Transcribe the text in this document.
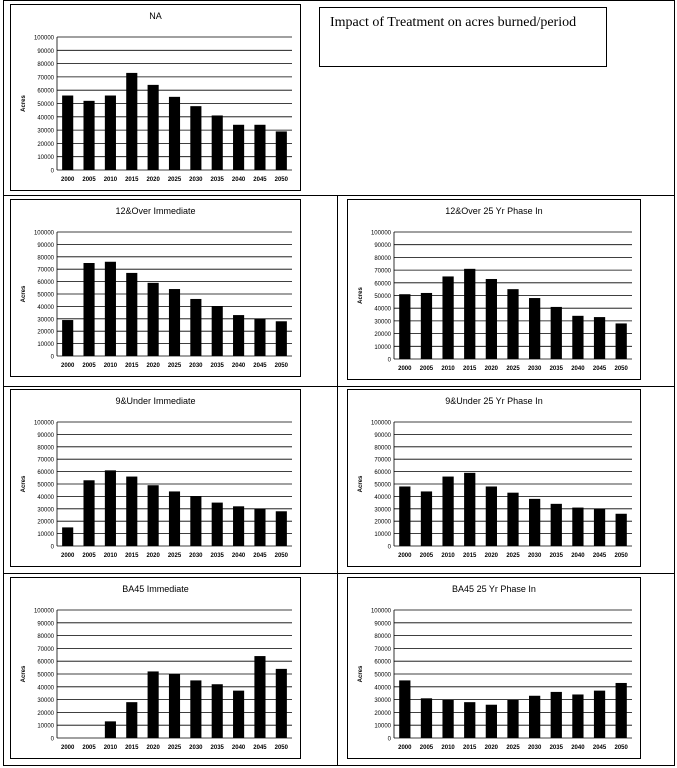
Impact of Treatment on acres burned/period
0
10000
20000
30000
40000
50000
60000
70000
80000
90000
100000
Acres
2000 2005 2010 2015 2020 2025 2030 2035 2040 2045 2050
NA
0
10000
20000
30000
40000
50000
60000
70000
80000
90000
100000
Acres
2000 2005 2010 2015 2020 2025 2030 2035 2040 2045 2050
12&Over Immediate
0
10000
20000
30000
40000
50000
60000
70000
80000
90000
100000
Acres
2000 2005 2010 2015 2020 2025 2030 2035 2040 2045 2050
12&Over 25 Yr Phase In
0
10000
20000
30000
40000
50000
60000
70000
80000
90000
100000
Acres
2000 2005 2010 2015 2020 2025 2030 2035 2040 2045 2050
9&Under Immediate
0
10000
20000
30000
40000
50000
60000
70000
80000
90000
100000
Acres
2000 2005 2010 2015 2020 2025 2030 2035 2040 2045 2050
9&Under 25 Yr Phase In
0
10000
20000
30000
40000
50000
60000
70000
80000
90000
100000
Acres
2000 2005 2010 2015 2020 2025 2030 2035 2040 2045 2050
BA45 Immediate
0
10000
20000
30000
40000
50000
60000
70000
80000
90000
100000
Acres
2000 2005 2010 2015 2020 2025 2030 2035 2040 2045 2050
BA45 25 Yr Phase In
